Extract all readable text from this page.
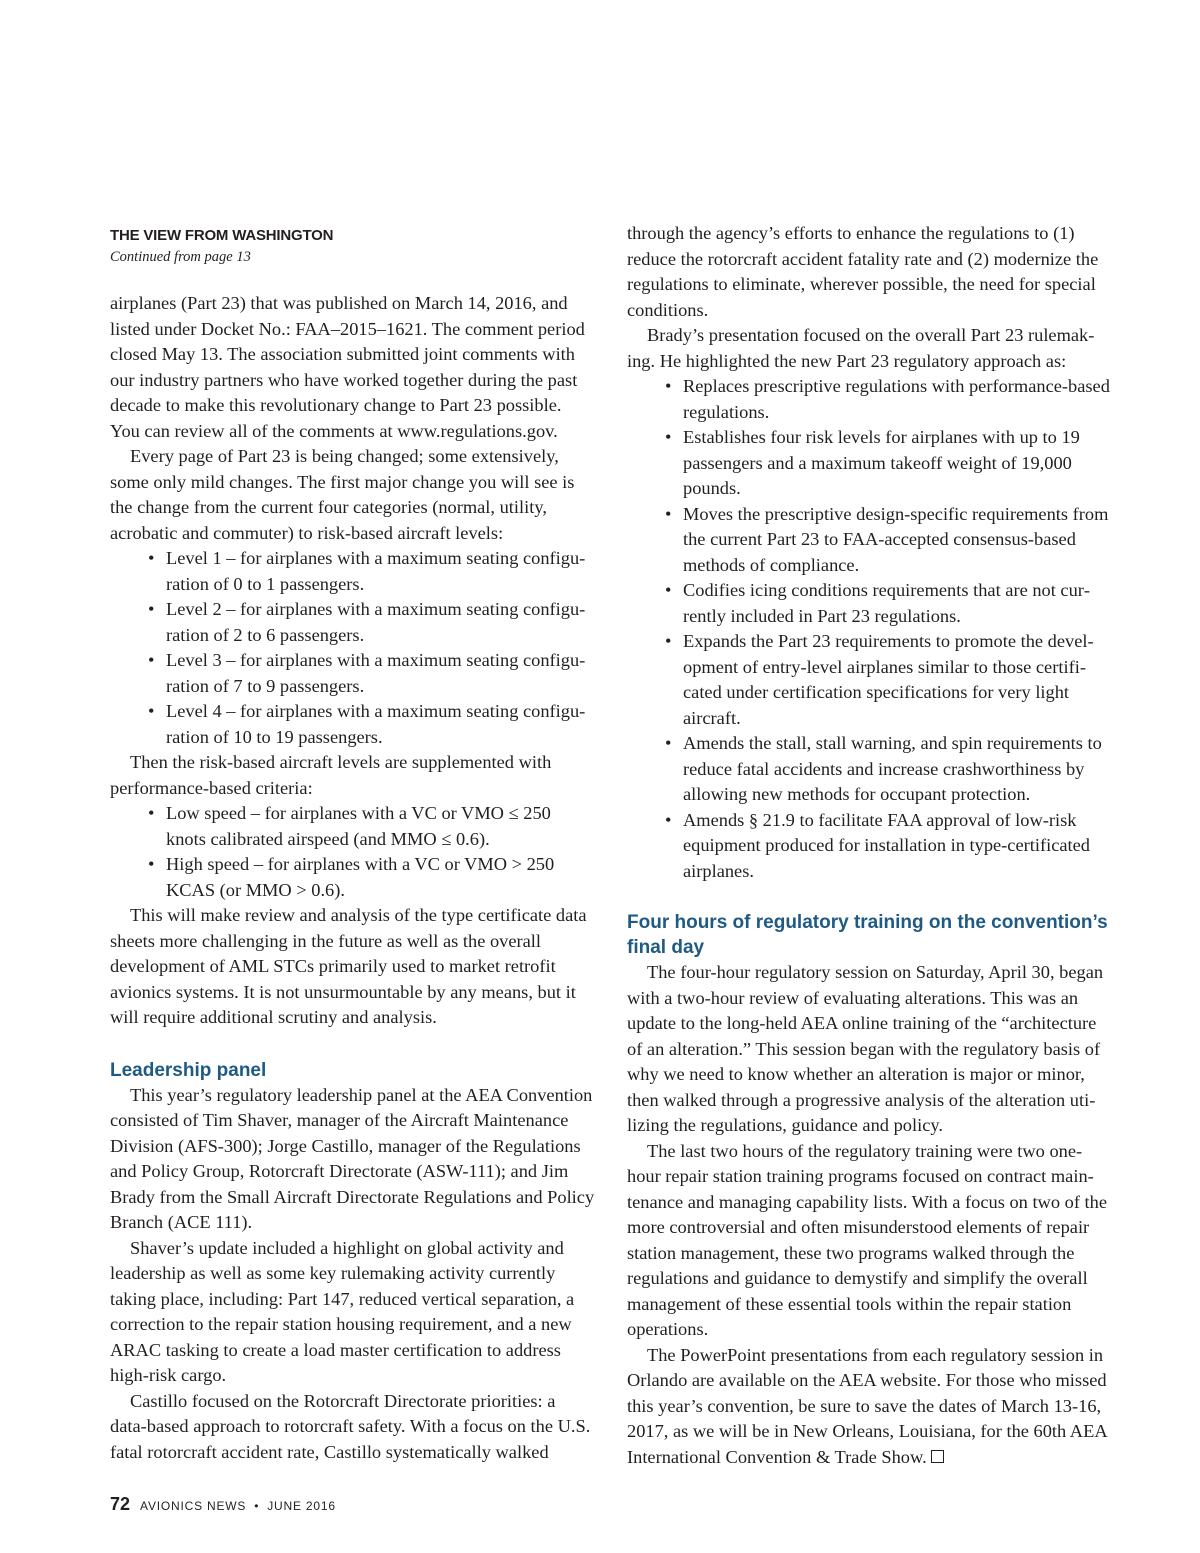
THE VIEW FROM WASHINGTON
Continued from page 13

airplanes (Part 23) that was published on March 14, 2016, and listed under Docket No.: FAA–2015–1621. The comment period closed May 13. The association submitted joint comments with our industry partners who have worked together during the past decade to make this revolutionary change to Part 23 possible. You can review all of the comments at www.regulations.gov.

Every page of Part 23 is being changed; some extensively, some only mild changes. The first major change you will see is the change from the current four categories (normal, utility, acrobatic and commuter) to risk-based aircraft levels:

• Level 1 – for airplanes with a maximum seating configuration of 0 to 1 passengers.
• Level 2 – for airplanes with a maximum seating configuration of 2 to 6 passengers.
• Level 3 – for airplanes with a maximum seating configuration of 7 to 9 passengers.
• Level 4 – for airplanes with a maximum seating configuration of 10 to 19 passengers.

Then the risk-based aircraft levels are supplemented with performance-based criteria:

• Low speed – for airplanes with a VC or VMO ≤ 250 knots calibrated airspeed (and MMO ≤ 0.6).
• High speed – for airplanes with a VC or VMO > 250 KCAS (or MMO > 0.6).

This will make review and analysis of the type certificate data sheets more challenging in the future as well as the overall development of AML STCs primarily used to market retrofit avionics systems. It is not unsurmountable by any means, but it will require additional scrutiny and analysis.

Leadership panel

This year’s regulatory leadership panel at the AEA Convention consisted of Tim Shaver, manager of the Aircraft Maintenance Division (AFS-300); Jorge Castillo, manager of the Regulations and Policy Group, Rotorcraft Directorate (ASW-111); and Jim Brady from the Small Aircraft Directorate Regulations and Policy Branch (ACE 111).

Shaver’s update included a highlight on global activity and leadership as well as some key rulemaking activity currently taking place, including: Part 147, reduced vertical separation, a correction to the repair station housing requirement, and a new ARAC tasking to create a load master certification to address high-risk cargo.

Castillo focused on the Rotorcraft Directorate priorities: a data-based approach to rotorcraft safety. With a focus on the U.S. fatal rotorcraft accident rate, Castillo systematically walked

through the agency’s efforts to enhance the regulations to (1) reduce the rotorcraft accident fatality rate and (2) modernize the regulations to eliminate, wherever possible, the need for special conditions.

Brady’s presentation focused on the overall Part 23 rulemaking. He highlighted the new Part 23 regulatory approach as:

• Replaces prescriptive regulations with performance-based regulations.
• Establishes four risk levels for airplanes with up to 19 passengers and a maximum takeoff weight of 19,000 pounds.
• Moves the prescriptive design-specific requirements from the current Part 23 to FAA-accepted consensus-based methods of compliance.
• Codifies icing conditions requirements that are not currently included in Part 23 regulations.
• Expands the Part 23 requirements to promote the development of entry-level airplanes similar to those certificated under certification specifications for very light aircraft.
• Amends the stall, stall warning, and spin requirements to reduce fatal accidents and increase crashworthiness by allowing new methods for occupant protection.
• Amends § 21.9 to facilitate FAA approval of low-risk equipment produced for installation in type-certificated airplanes.
Four hours of regulatory training on the convention’s final day

The four-hour regulatory session on Saturday, April 30, began with a two-hour review of evaluating alterations. This was an update to the long-held AEA online training of the “architecture of an alteration.” This session began with the regulatory basis of why we need to know whether an alteration is major or minor, then walked through a progressive analysis of the alteration utilizing the regulations, guidance and policy.

The last two hours of the regulatory training were two one-hour repair station training programs focused on contract maintenance and managing capability lists. With a focus on two of the more controversial and often misunderstood elements of repair station management, these two programs walked through the regulations and guidance to demystify and simplify the overall management of these essential tools within the repair station operations.

The PowerPoint presentations from each regulatory session in Orlando are available on the AEA website. For those who missed this year’s convention, be sure to save the dates of March 13-16, 2017, as we will be in New Orleans, Louisiana, for the 60th AEA International Convention & Trade Show.

72 AVIONICS NEWS • JUNE 2016
